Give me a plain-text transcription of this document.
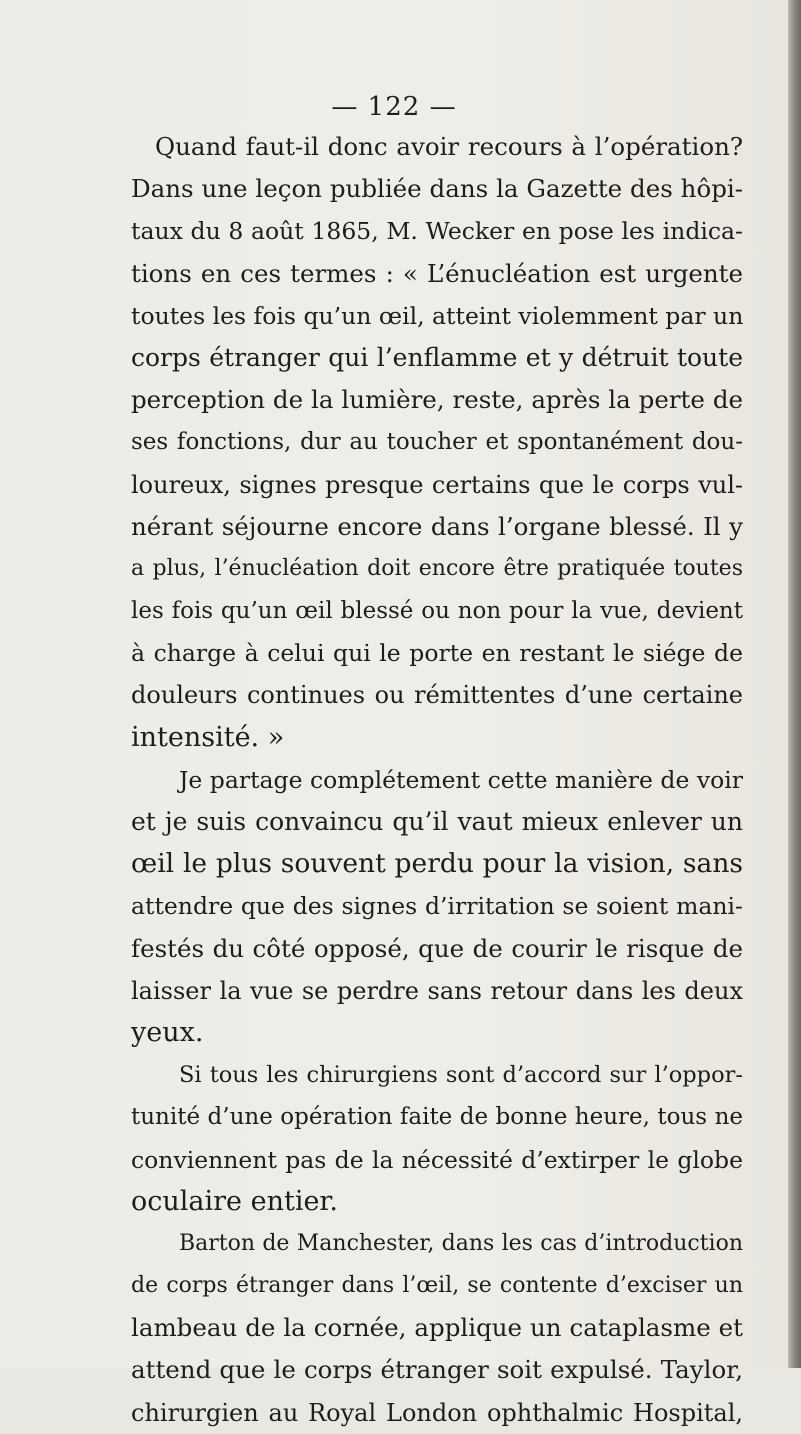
— 122 —
Quand faut-il donc avoir recours à l’opération?
Dans une leçon publiée dans la Gazette des hôpi-
taux du 8 août 1865, M. Wecker en pose les indica-
tions en ces termes : « L’énucléation est urgente
toutes les fois qu’un œil, atteint violemment par un
corps étranger qui l’enflamme et y détruit toute
perception de la lumière, reste, après la perte de
ses fonctions, dur au toucher et spontanément dou-
loureux, signes presque certains que le corps vul-
nérant séjourne encore dans l’organe blessé. Il y
a plus, l’énucléation doit encore être pratiquée toutes
les fois qu’un œil blessé ou non pour la vue, devient
à charge à celui qui le porte en restant le siége de
douleurs continues ou rémittentes d’une certaine
intensité. »
Je partage complétement cette manière de voir
et je suis convaincu qu’il vaut mieux enlever un
œil le plus souvent perdu pour la vision, sans
attendre que des signes d’irritation se soient mani-
festés du côté opposé, que de courir le risque de
laisser la vue se perdre sans retour dans les deux
yeux.
Si tous les chirurgiens sont d’accord sur l’oppor-
tunité d’une opération faite de bonne heure, tous ne
conviennent pas de la nécessité d’extirper le globe
oculaire entier.
Barton de Manchester, dans les cas d’introduction
de corps étranger dans l’œil, se contente d’exciser un
lambeau de la cornée, applique un cataplasme et
attend que le corps étranger soit expulsé. Taylor,
chirurgien au Royal London ophthalmic Hospital,
